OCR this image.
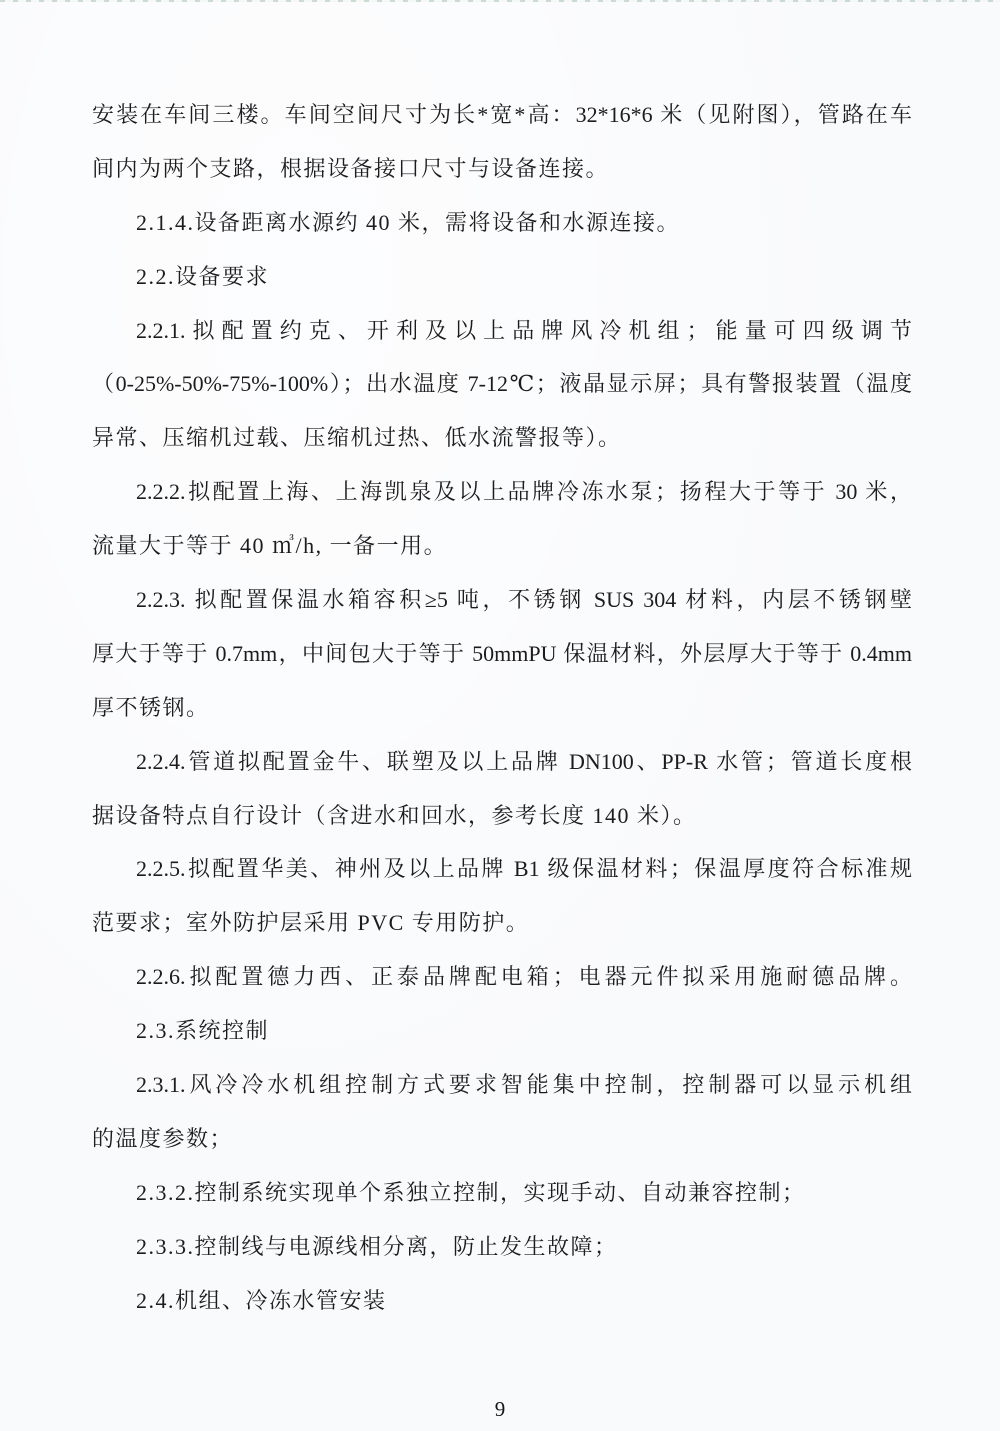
安装在车间三楼。车间空间尺寸为长*宽*高：32*16*6 米（见附图），管路在车
间内为两个支路，根据设备接口尺寸与设备连接。
2.1.4.设备距离水源约 40 米，需将设备和水源连接。
2.2.设备要求
2.2.1.拟配置约克、开利及以上品牌风冷机组；能量可四级调节
（0-25%-50%-75%-100%）；出水温度 7-12℃；液晶显示屏；具有警报装置（温度
异常、压缩机过载、压缩机过热、低水流警报等）。
2.2.2.拟配置上海、上海凯泉及以上品牌冷冻水泵；扬程大于等于 30 米，
流量大于等于 40 ㎥/h, 一备一用。
2.2.3. 拟配置保温水箱容积≥5 吨，不锈钢 SUS 304 材料，内层不锈钢壁
厚大于等于 0.7mm，中间包大于等于 50mmPU 保温材料，外层厚大于等于 0.4mm
厚不锈钢。
2.2.4.管道拟配置金牛、联塑及以上品牌 DN100、PP-R 水管；管道长度根
据设备特点自行设计（含进水和回水，参考长度 140 米）。
2.2.5.拟配置华美、神州及以上品牌 B1 级保温材料；保温厚度符合标准规
范要求；室外防护层采用 PVC 专用防护。
2.2.6.拟配置德力西、正泰品牌配电箱；电器元件拟采用施耐德品牌。
2.3.系统控制
2.3.1.风冷冷水机组控制方式要求智能集中控制，控制器可以显示机组
的温度参数；
2.3.2.控制系统实现单个系独立控制，实现手动、自动兼容控制；
2.3.3.控制线与电源线相分离，防止发生故障；
2.4.机组、冷冻水管安装
9
